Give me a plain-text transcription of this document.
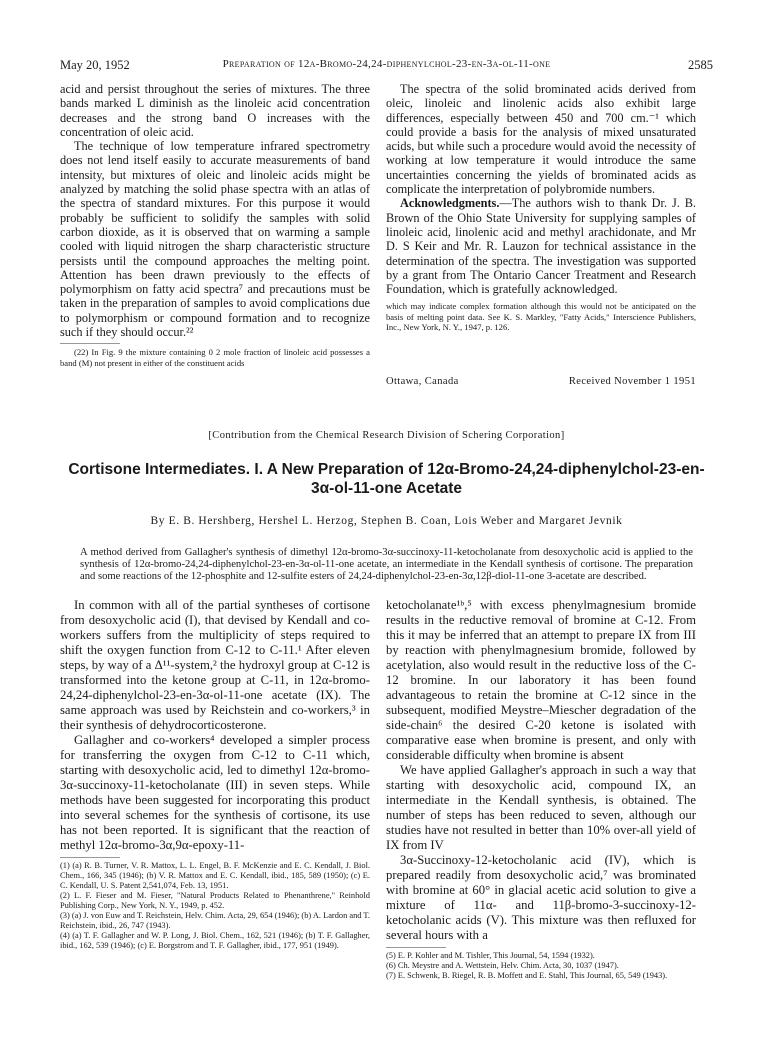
May 20, 1952	Preparation of 12α-Bromo-24,24-diphenylchol-23-en-3α-ol-11-one	2585

acid and persist throughout the series of mixtures. The three bands marked L diminish as the linoleic acid concentration decreases and the strong band O increases with the concentration of oleic acid.

The technique of low temperature infrared spectrometry does not lend itself easily to accurate measurements of band intensity, but mixtures of oleic and linoleic acids might be analyzed by matching the solid phase spectra with an atlas of the spectra of standard mixtures. For this purpose it would probably be sufficient to solidify the samples with solid carbon dioxide, as it is observed that on warming a sample cooled with liquid nitrogen the sharp characteristic structure persists until the compound approaches the melting point. Attention has been drawn previously to the effects of polymorphism on fatty acid spectra⁷ and precautions must be taken in the preparation of samples to avoid complications due to polymorphism or compound formation and to recognize such if they should occur.²²

(22) In Fig. 9 the mixture containing 0 2 mole fraction of linoleic acid possesses a band (M) not present in either of the constituent acids

The spectra of the solid brominated acids derived from oleic, linoleic and linolenic acids also exhibit large differences, especially between 450 and 700 cm.⁻¹ which could provide a basis for the analysis of mixed unsaturated acids, but while such a procedure would avoid the necessity of working at low temperature it would introduce the same uncertainties concerning the yields of brominated acids as complicate the interpretation of polybromide numbers.

Acknowledgments.—The authors wish to thank Dr. J. B. Brown of the Ohio State University for supplying samples of linoleic acid, linolenic acid and methyl arachidonate, and Mr D. S Keir and Mr. R. Lauzon for technical assistance in the determination of the spectra. The investigation was supported by a grant from The Ontario Cancer Treatment and Research Foundation, which is gratefully acknowledged.

which may indicate complex formation although this would not be anticipated on the basis of melting point data. See K. S. Markley, "Fatty Acids," Interscience Publishers, Inc., New York, N. Y., 1947, p. 126.

Ottawa, Canada	Received November 1 1951
[Contribution from the Chemical Research Division of Schering Corporation]
Cortisone Intermediates. I. A New Preparation of 12α-Bromo-24,24-diphenylchol-23-en-3α-ol-11-one Acetate
By E. B. Hershberg, Hershel L. Herzog, Stephen B. Coan, Lois Weber and Margaret Jevnik
A method derived from Gallagher's synthesis of dimethyl 12α-bromo-3α-succinoxy-11-ketocholanate from desoxycholic acid is applied to the synthesis of 12α-bromo-24,24-diphenylchol-23-en-3α-ol-11-one acetate, an intermediate in the Kendall synthesis of cortisone. The preparation and some reactions of the 12-phosphite and 12-sulfite esters of 24,24-diphenylchol-23-en-3α,12β-diol-11-one 3-acetate are described.

In common with all of the partial syntheses of cortisone from desoxycholic acid (I), that devised by Kendall and co-workers suffers from the multiplicity of steps required to shift the oxygen function from C-12 to C-11.¹ After eleven steps, by way of a Δ¹¹-system,² the hydroxyl group at C-12 is transformed into the ketone group at C-11, in 12α-bromo-24,24-diphenylchol-23-en-3α-ol-11-one acetate (IX). The same approach was used by Reichstein and co-workers,³ in their synthesis of dehydrocorticosterone.

Gallagher and co-workers⁴ developed a simpler process for transferring the oxygen from C-12 to C-11 which, starting with desoxycholic acid, led to dimethyl 12α-bromo-3α-succinoxy-11-ketocholanate (III) in seven steps. While methods have been suggested for incorporating this product into several schemes for the synthesis of cortisone, its use has not been reported. It is significant that the reaction of methyl 12α-bromo-3α,9α-epoxy-11-

(1) (a) R. B. Turner, V. R. Mattox, L. L. Engel, B. F. McKenzie and E. C. Kendall, J. Biol. Chem., 166, 345 (1946); (b) V. R. Mattox and E. C. Kendall, ibid., 185, 589 (1950); (c) E. C. Kendall, U. S. Patent 2,541,074, Feb. 13, 1951.

(2) L. F. Fieser and M. Fieser, "Natural Products Related to Phenanthrene," Reinhold Publishing Corp., New York, N. Y., 1949, p. 452.

(3) (a) J. von Euw and T. Reichstein, Helv. Chim. Acta, 29, 654 (1946); (b) A. Lardon and T. Reichstein, ibid., 26, 747 (1943).

(4) (a) T. F. Gallagher and W. P. Long, J. Biol. Chem., 162, 521 (1946); (b) T. F. Gallagher, ibid., 162, 539 (1946); (c) E. Borgstrom and T. F. Gallagher, ibid., 177, 951 (1949).

ketocholanate¹ᵇ,⁵ with excess phenylmagnesium bromide results in the reductive removal of bromine at C-12. From this it may be inferred that an attempt to prepare IX from III by reaction with phenylmagnesium bromide, followed by acetylation, also would result in the reductive loss of the C-12 bromine. In our laboratory it has been found advantageous to retain the bromine at C-12 since in the subsequent, modified Meystre–Miescher degradation of the side-chain⁶ the desired C-20 ketone is isolated with comparative ease when bromine is present, and only with considerable difficulty when bromine is absent

We have applied Gallagher's approach in such a way that starting with desoxycholic acid, compound IX, an intermediate in the Kendall synthesis, is obtained. The number of steps has been reduced to seven, although our studies have not resulted in better than 10% over-all yield of IX from IV

3α-Succinoxy-12-ketocholanic acid (IV), which is prepared readily from desoxycholic acid,⁷ was brominated with bromine at 60° in glacial acetic acid solution to give a mixture of 11α- and 11β-bromo-3-succinoxy-12-ketocholanic acids (V). This mixture was then refluxed for several hours with a

(5) E. P. Kohler and M. Tishler, This Journal, 54, 1594 (1932).

(6) Ch. Meystre and A. Wettstein, Helv. Chim. Acta, 30, 1037 (1947).

(7) E. Schwenk, B. Riegel, R. B. Moffett and E. Stahl, This Journal, 65, 549 (1943).
